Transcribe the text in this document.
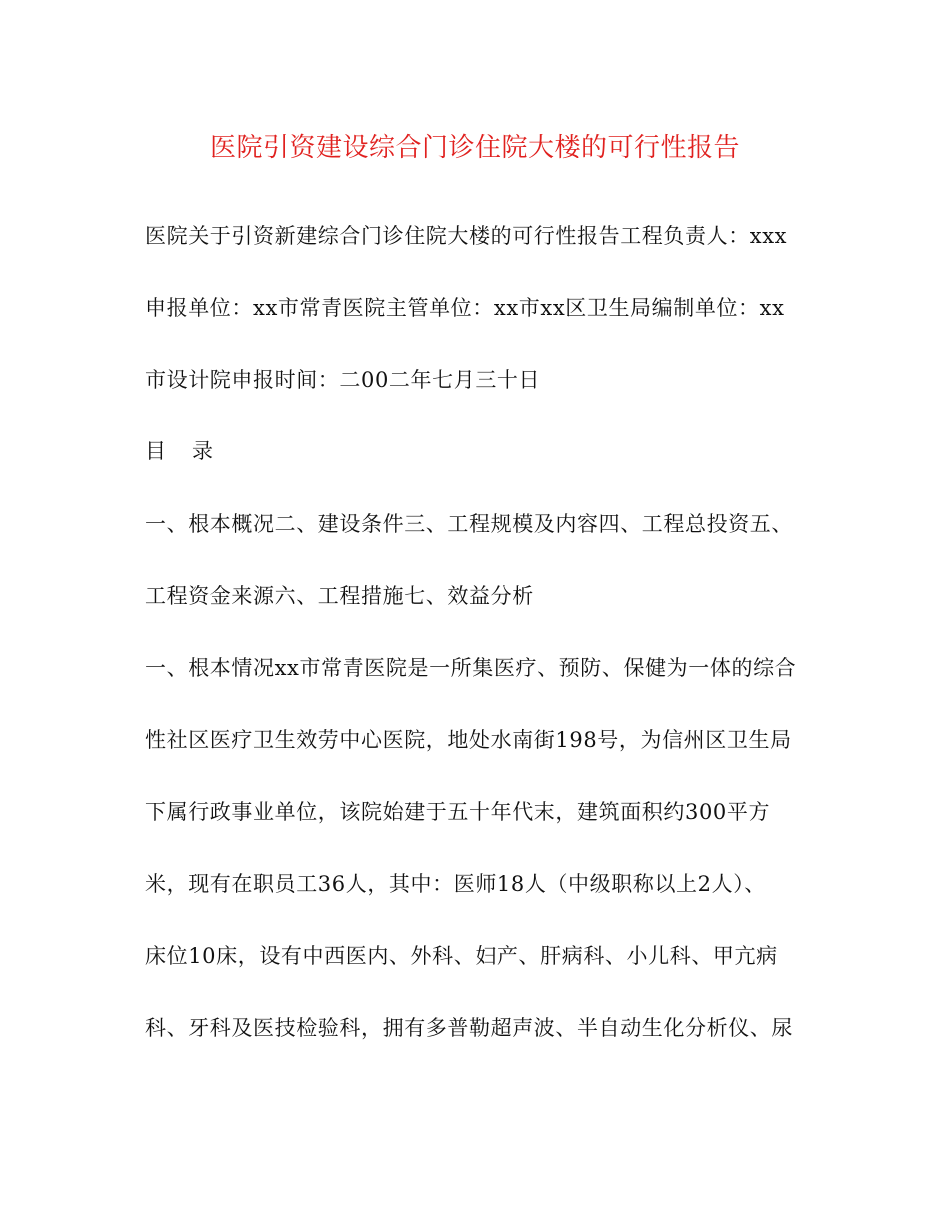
医院引资建设综合门诊住院大楼的可行性报告

医院关于引资新建综合门诊住院大楼的可行性报告工程负责人：xxx

申报单位：xx市常青医院主管单位：xx市xx区卫生局编制单位：xx

市设计院申报时间：二00二年七月三十日

目 录

一、根本概况二、建设条件三、工程规模及内容四、工程总投资五、

工程资金来源六、工程措施七、效益分析

一、根本情况xx市常青医院是一所集医疗、预防、保健为一体的综合

性社区医疗卫生效劳中心医院，地处水南街198号，为信州区卫生局

下属行政事业单位，该院始建于五十年代末，建筑面积约300平方

米，现有在职员工36人，其中：医师18人（中级职称以上2人）、

床位10床，设有中西医内、外科、妇产、肝病科、小儿科、甲亢病

科、牙科及医技检验科，拥有多普勒超声波、半自动生化分析仪、尿
